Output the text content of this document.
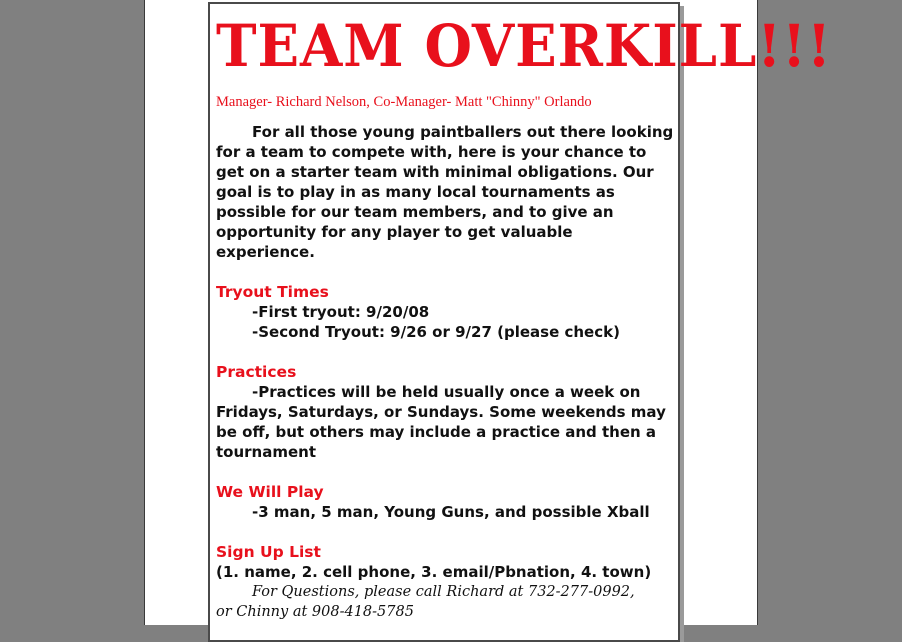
TEAM OVERKILL!!!
Manager- Richard Nelson, Co-Manager- Matt "Chinny" Orlando
For all those young paintballers out there looking for a team to compete with, here is your chance to get on a starter team with minimal obligations. Our goal is to play in as many local tournaments as possible for our team members, and to give an opportunity for any player to get valuable experience.
Tryout Times
-First tryout: 9/20/08
-Second Tryout: 9/26 or 9/27 (please check)
Practices
-Practices will be held usually once a week on Fridays, Saturdays, or Sundays. Some weekends may be off, but others may include a practice and then a tournament
We Will Play
-3 man, 5 man, Young Guns, and possible Xball
Sign Up List
(1. name, 2. cell phone, 3. email/Pbnation, 4. town)
For Questions, please call Richard at 732-277-0992,
or Chinny at 908-418-5785
